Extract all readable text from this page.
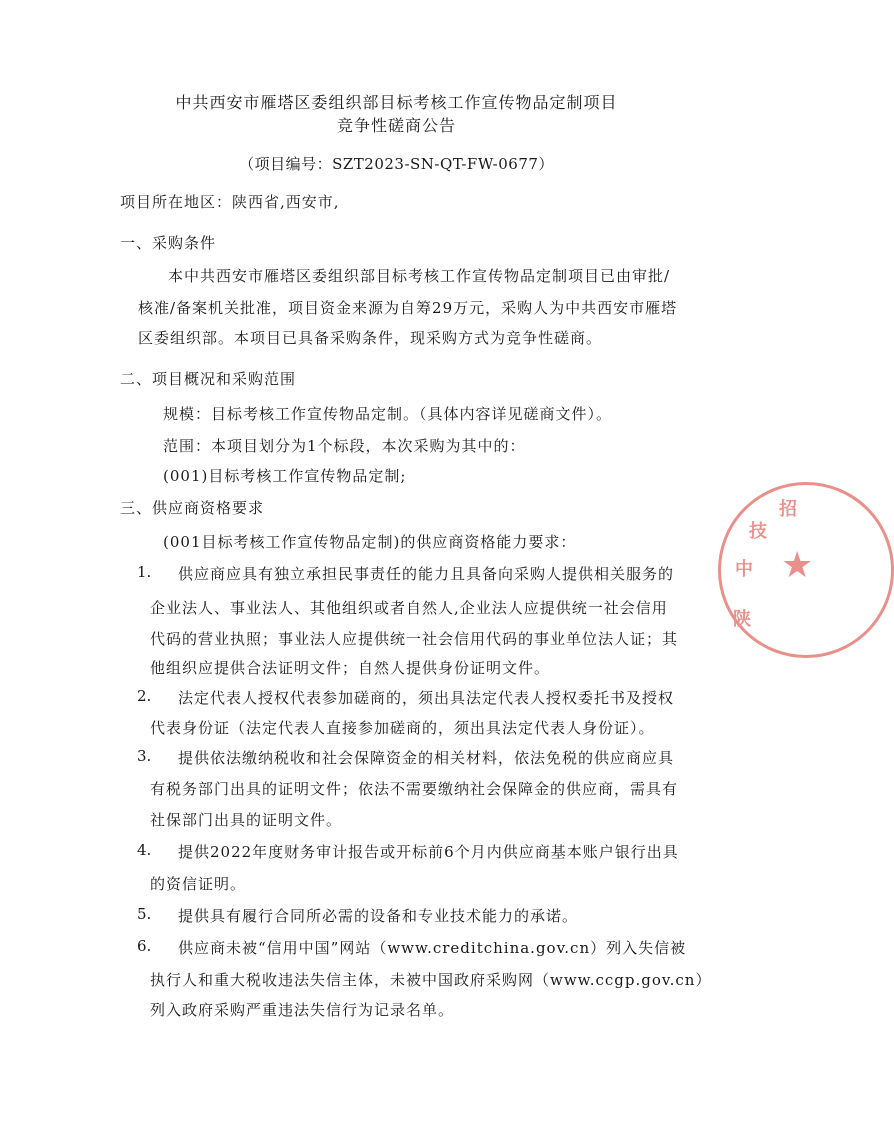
中共西安市雁塔区委组织部目标考核工作宣传物品定制项目
竞争性磋商公告
（项目编号：SZT2023-SN-QT-FW-0677）
项目所在地区：陕西省,西安市,
一、采购条件
本中共西安市雁塔区委组织部目标考核工作宣传物品定制项目已由审批/
核准/备案机关批准，项目资金来源为自筹29万元，采购人为中共西安市雁塔
区委组织部。本项目已具备采购条件，现采购方式为竞争性磋商。
二、项目概况和采购范围
规模：目标考核工作宣传物品定制。（具体内容详见磋商文件）。
范围：本项目划分为1个标段，本次采购为其中的：
(001)目标考核工作宣传物品定制;
三、供应商资格要求
(001目标考核工作宣传物品定制)的供应商资格能力要求：
1. 供应商应具有独立承担民事责任的能力且具备向采购人提供相关服务的
企业法人、事业法人、其他组织或者自然人,企业法人应提供统一社会信用
代码的营业执照；事业法人应提供统一社会信用代码的事业单位法人证；其
他组织应提供合法证明文件；自然人提供身份证明文件。
2. 法定代表人授权代表参加磋商的，须出具法定代表人授权委托书及授权
代表身份证（法定代表人直接参加磋商的，须出具法定代表人身份证）。
3. 提供依法缴纳税收和社会保障资金的相关材料，依法免税的供应商应具
有税务部门出具的证明文件；依法不需要缴纳社会保障金的供应商，需具有
社保部门出具的证明文件。
4. 提供2022年度财务审计报告或开标前6个月内供应商基本账户银行出具
的资信证明。
5. 提供具有履行合同所必需的设备和专业技术能力的承诺。
6. 供应商未被“信用中国”网站（www.creditchina.gov.cn）列入失信被
执行人和重大税收违法失信主体，未被中国政府采购网（www.ccgp.gov.cn）
列入政府采购严重违法失信行为记录名单。
陕
中
技
招
★
